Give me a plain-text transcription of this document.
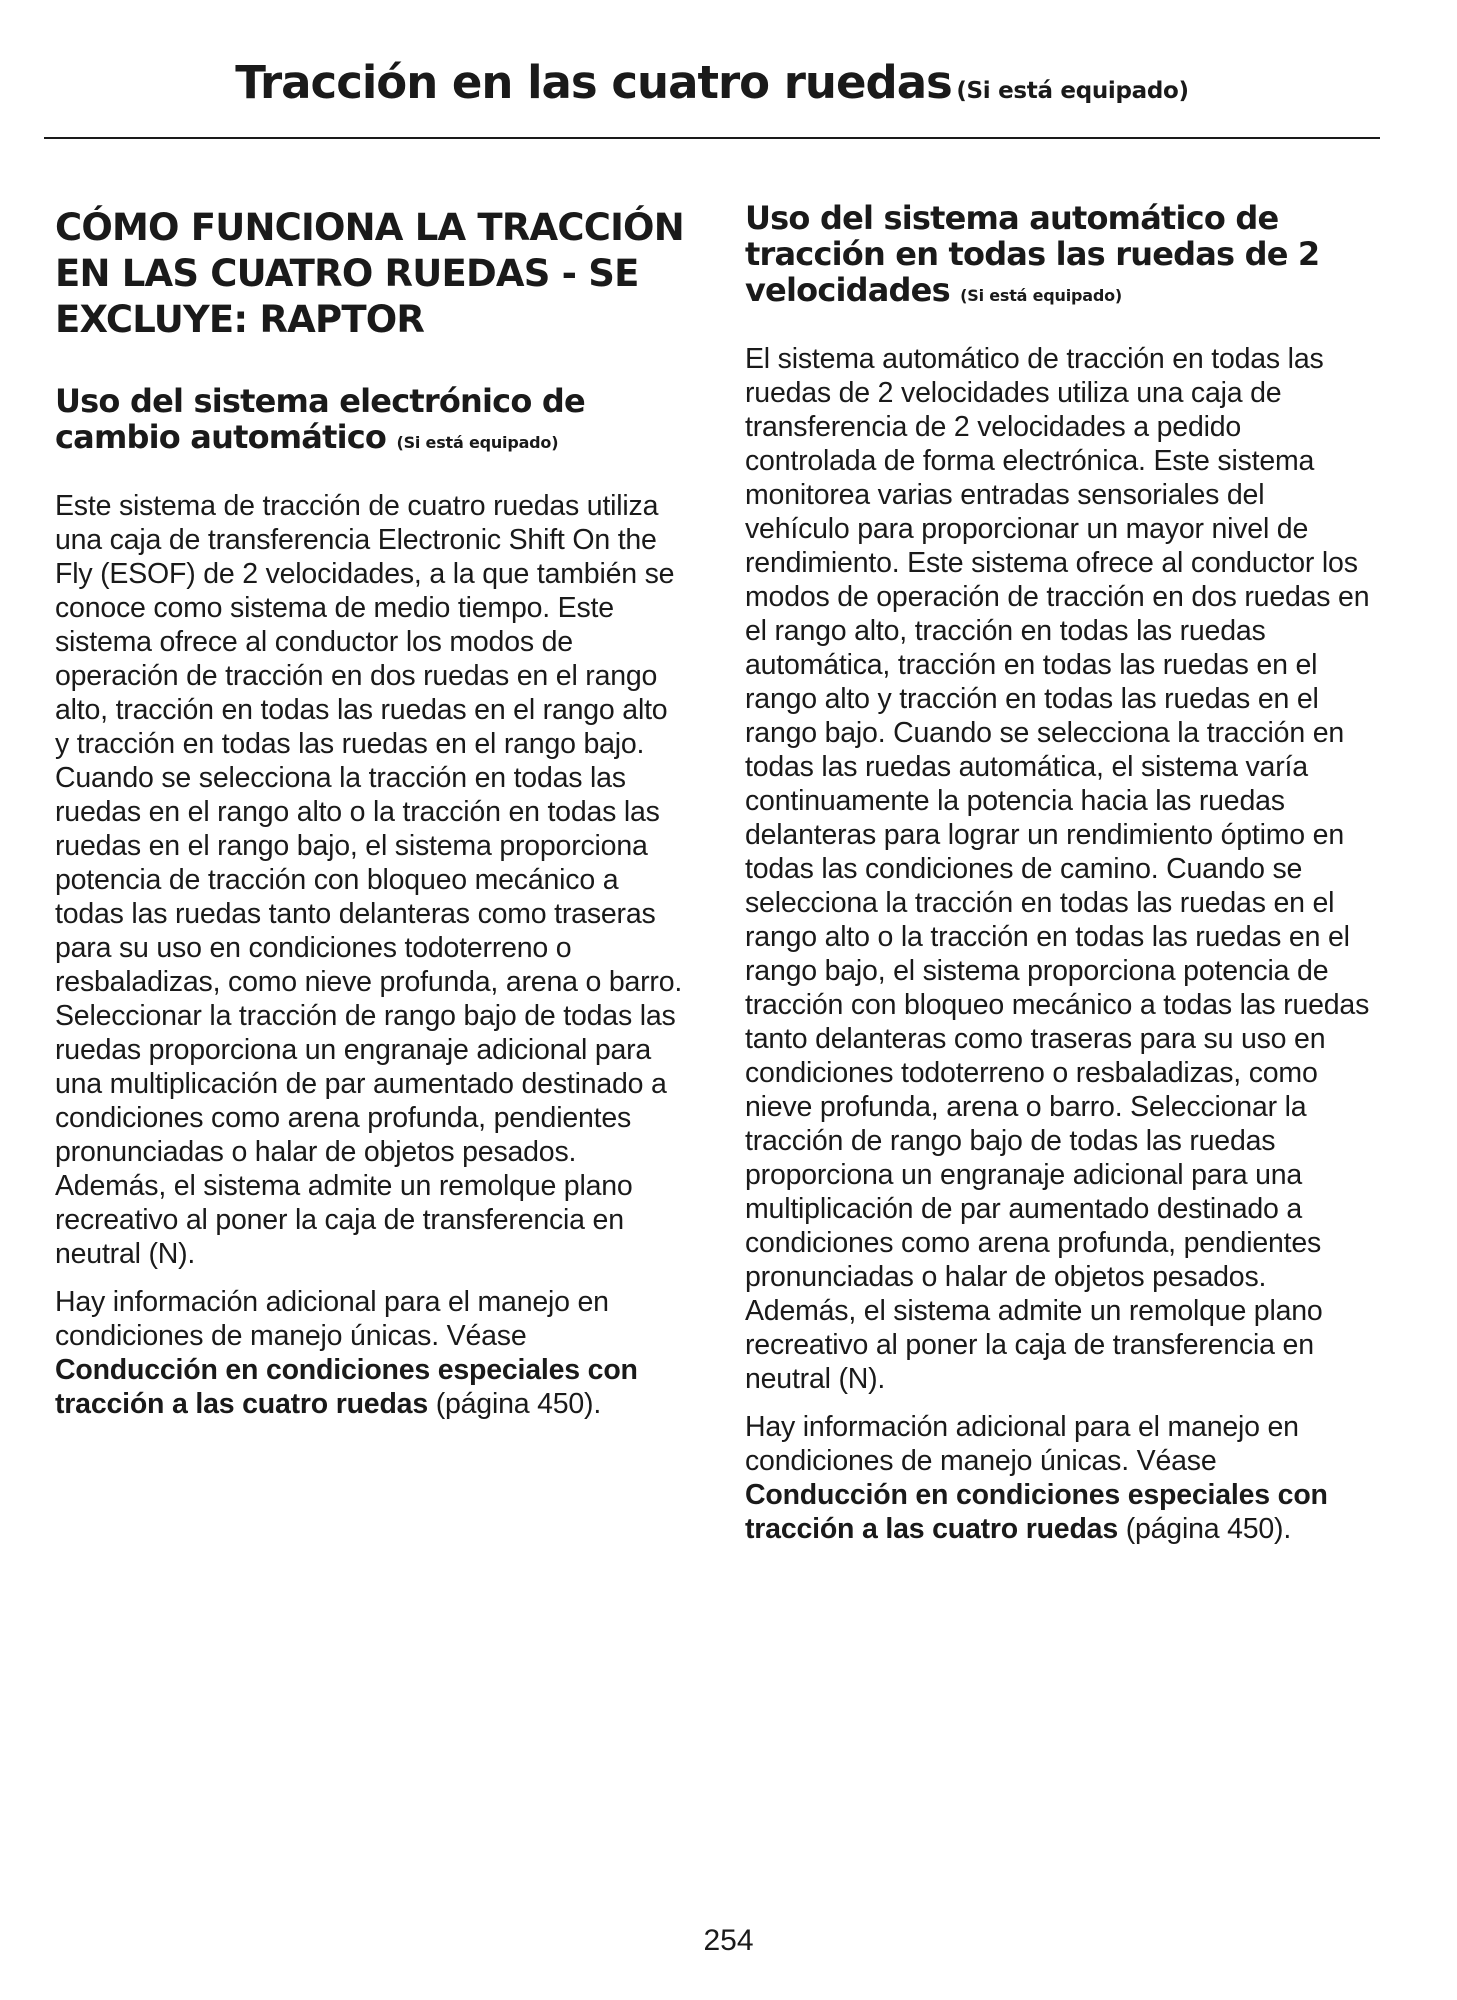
Tracción en las cuatro ruedas (Si está equipado)
CÓMO FUNCIONA LA TRACCIÓN EN LAS CUATRO RUEDAS - SE EXCLUYE: RAPTOR
Uso del sistema electrónico de cambio automático (Si está equipado)

Este sistema de tracción de cuatro ruedas utiliza una caja de transferencia Electronic Shift On the Fly (ESOF) de 2 velocidades, a la que también se conoce como sistema de medio tiempo. Este sistema ofrece al conductor los modos de operación de tracción en dos ruedas en el rango alto, tracción en todas las ruedas en el rango alto y tracción en todas las ruedas en el rango bajo. Cuando se selecciona la tracción en todas las ruedas en el rango alto o la tracción en todas las ruedas en el rango bajo, el sistema proporciona potencia de tracción con bloqueo mecánico a todas las ruedas tanto delanteras como traseras para su uso en condiciones todoterreno o resbaladizas, como nieve profunda, arena o barro. Seleccionar la tracción de rango bajo de todas las ruedas proporciona un engranaje adicional para una multiplicación de par aumentado destinado a condiciones como arena profunda, pendientes pronunciadas o halar de objetos pesados. Además, el sistema admite un remolque plano recreativo al poner la caja de transferencia en neutral (N).

Hay información adicional para el manejo en condiciones de manejo únicas. Véase Conducción en condiciones especiales con tracción a las cuatro ruedas (página 450).

Uso del sistema automático de tracción en todas las ruedas de 2 velocidades (Si está equipado)

El sistema automático de tracción en todas las ruedas de 2 velocidades utiliza una caja de transferencia de 2 velocidades a pedido controlada de forma electrónica. Este sistema monitorea varias entradas sensoriales del vehículo para proporcionar un mayor nivel de rendimiento. Este sistema ofrece al conductor los modos de operación de tracción en dos ruedas en el rango alto, tracción en todas las ruedas automática, tracción en todas las ruedas en el rango alto y tracción en todas las ruedas en el rango bajo. Cuando se selecciona la tracción en todas las ruedas automática, el sistema varía continuamente la potencia hacia las ruedas delanteras para lograr un rendimiento óptimo en todas las condiciones de camino. Cuando se selecciona la tracción en todas las ruedas en el rango alto o la tracción en todas las ruedas en el rango bajo, el sistema proporciona potencia de tracción con bloqueo mecánico a todas las ruedas tanto delanteras como traseras para su uso en condiciones todoterreno o resbaladizas, como nieve profunda, arena o barro. Seleccionar la tracción de rango bajo de todas las ruedas proporciona un engranaje adicional para una multiplicación de par aumentado destinado a condiciones como arena profunda, pendientes pronunciadas o halar de objetos pesados. Además, el sistema admite un remolque plano recreativo al poner la caja de transferencia en neutral (N).

Hay información adicional para el manejo en condiciones de manejo únicas. Véase Conducción en condiciones especiales con tracción a las cuatro ruedas (página 450).

254
